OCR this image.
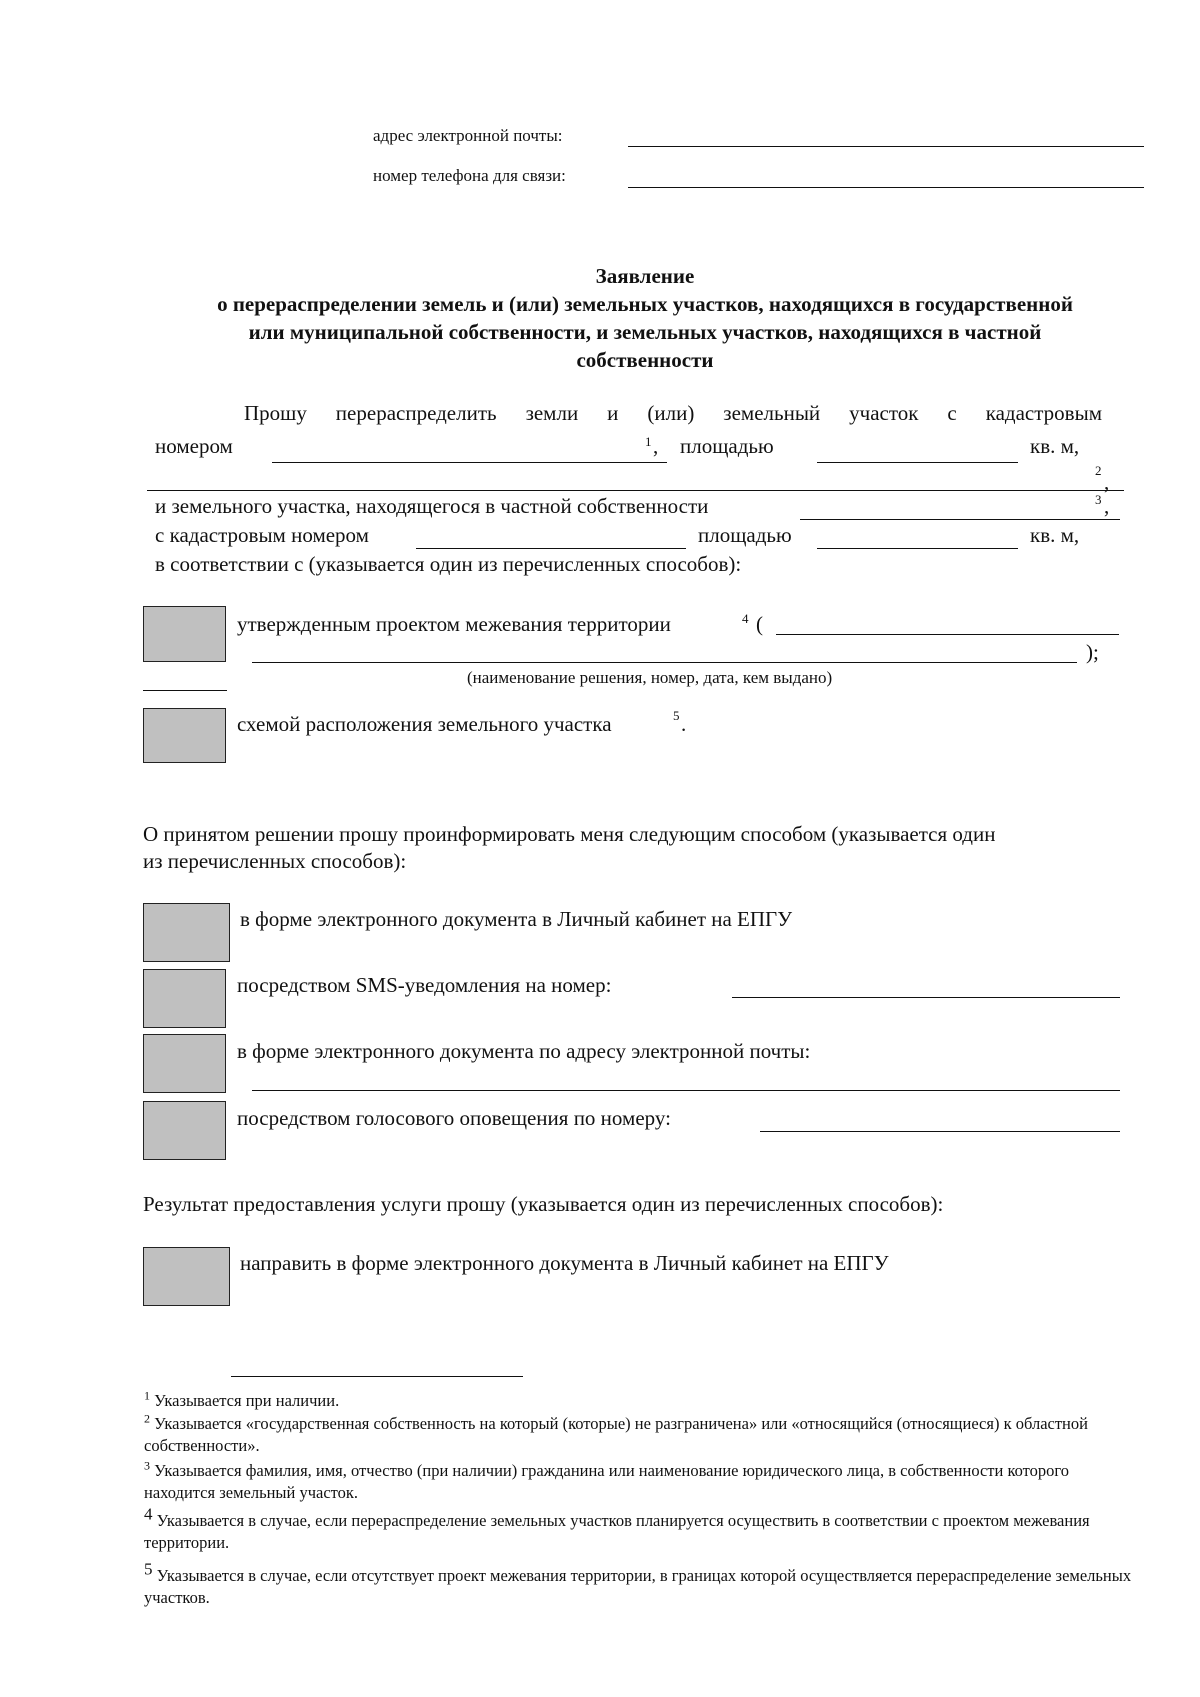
адрес электронной почты:
номер телефона для связи:
Заявление
о перераспределении земель и (или) земельных участков, находящихся в государственной
или муниципальной собственности, и земельных участков, находящихся в частной
собственности
Прошу перераспределить земли и (или) земельный участок с кадастровым
номером	1 , площадью	кв. м,
2 ,
и земельного участка, находящегося в частной собственности	3 ,
с кадастровым номером	площадью	кв. м,
в соответствии с (указывается один из перечисленных способов):
утвержденным проектом межевания территории	4 (
);
(наименование решения, номер, дата, кем выдано)
схемой расположения земельного участка	5 .
О принятом решении прошу проинформировать меня следующим способом (указывается один
из перечисленных способов):
в форме электронного документа в Личный кабинет на ЕПГУ
посредством SMS-уведомления на номер:
в форме электронного документа по адресу электронной почты:
посредством голосового оповещения по номеру:
Результат предоставления услуги прошу (указывается один из перечисленных способов):
направить в форме электронного документа в Личный кабинет на ЕПГУ
$^1$ Указывается при наличии.
$^2$ Указывается «государственная собственность на который (которые) не разграничена» или «относящийся (относящиеся) к областной собственности».
$^3$ Указывается фамилия, имя, отчество (при наличии) гражданина или наименование юридического лица, в собственности которого находится земельный участок.
4 Указывается в случае, если перераспределение земельных участков планируется осуществить в соответствии с проектом межевания территории.
5 Указывается в случае, если отсутствует проект межевания территории, в границах которой осуществляется перераспределение земельных участков.
